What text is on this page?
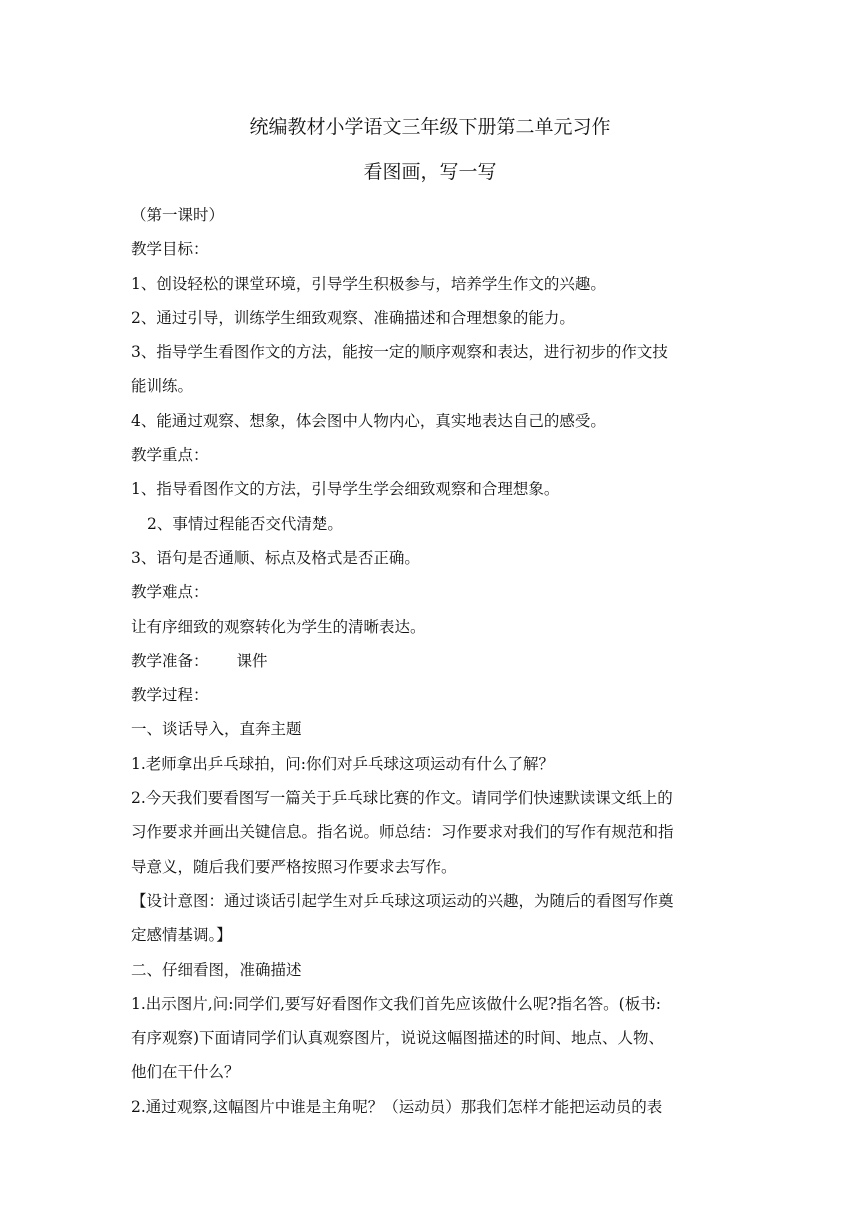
统编教材小学语文三年级下册第二单元习作
看图画，写一写
（第一课时）
教学目标：
1、创设轻松的课堂环境，引导学生积极参与，培养学生作文的兴趣。
2、通过引导，训练学生细致观察、准确描述和合理想象的能力。
3、指导学生看图作文的方法，能按一定的顺序观察和表达，进行初步的作文技
能训练。
4、能通过观察、想象，体会图中人物内心，真实地表达自己的感受。
教学重点：
1、指导看图作文的方法，引导学生学会细致观察和合理想象。
2、事情过程能否交代清楚。
3、语句是否通顺、标点及格式是否正确。
教学难点：
让有序细致的观察转化为学生的清晰表达。
教学准备： 课件
教学过程：
一、谈话导入，直奔主题
1.老师拿出乒乓球拍，问:你们对乒乓球这项运动有什么了解？
2.今天我们要看图写一篇关于乒乓球比赛的作文。请同学们快速默读课文纸上的
习作要求并画出关键信息。指名说。师总结：习作要求对我们的写作有规范和指
导意义，随后我们要严格按照习作要求去写作。
【设计意图：通过谈话引起学生对乒乓球这项运动的兴趣，为随后的看图写作奠
定感情基调。】
二、仔细看图，准确描述
1.出示图片,问:同学们,要写好看图作文我们首先应该做什么呢?指名答。(板书:
有序观察)下面请同学们认真观察图片，说说这幅图描述的时间、地点、人物、
他们在干什么？
2.通过观察,这幅图片中谁是主角呢？（运动员）那我们怎样才能把运动员的表
